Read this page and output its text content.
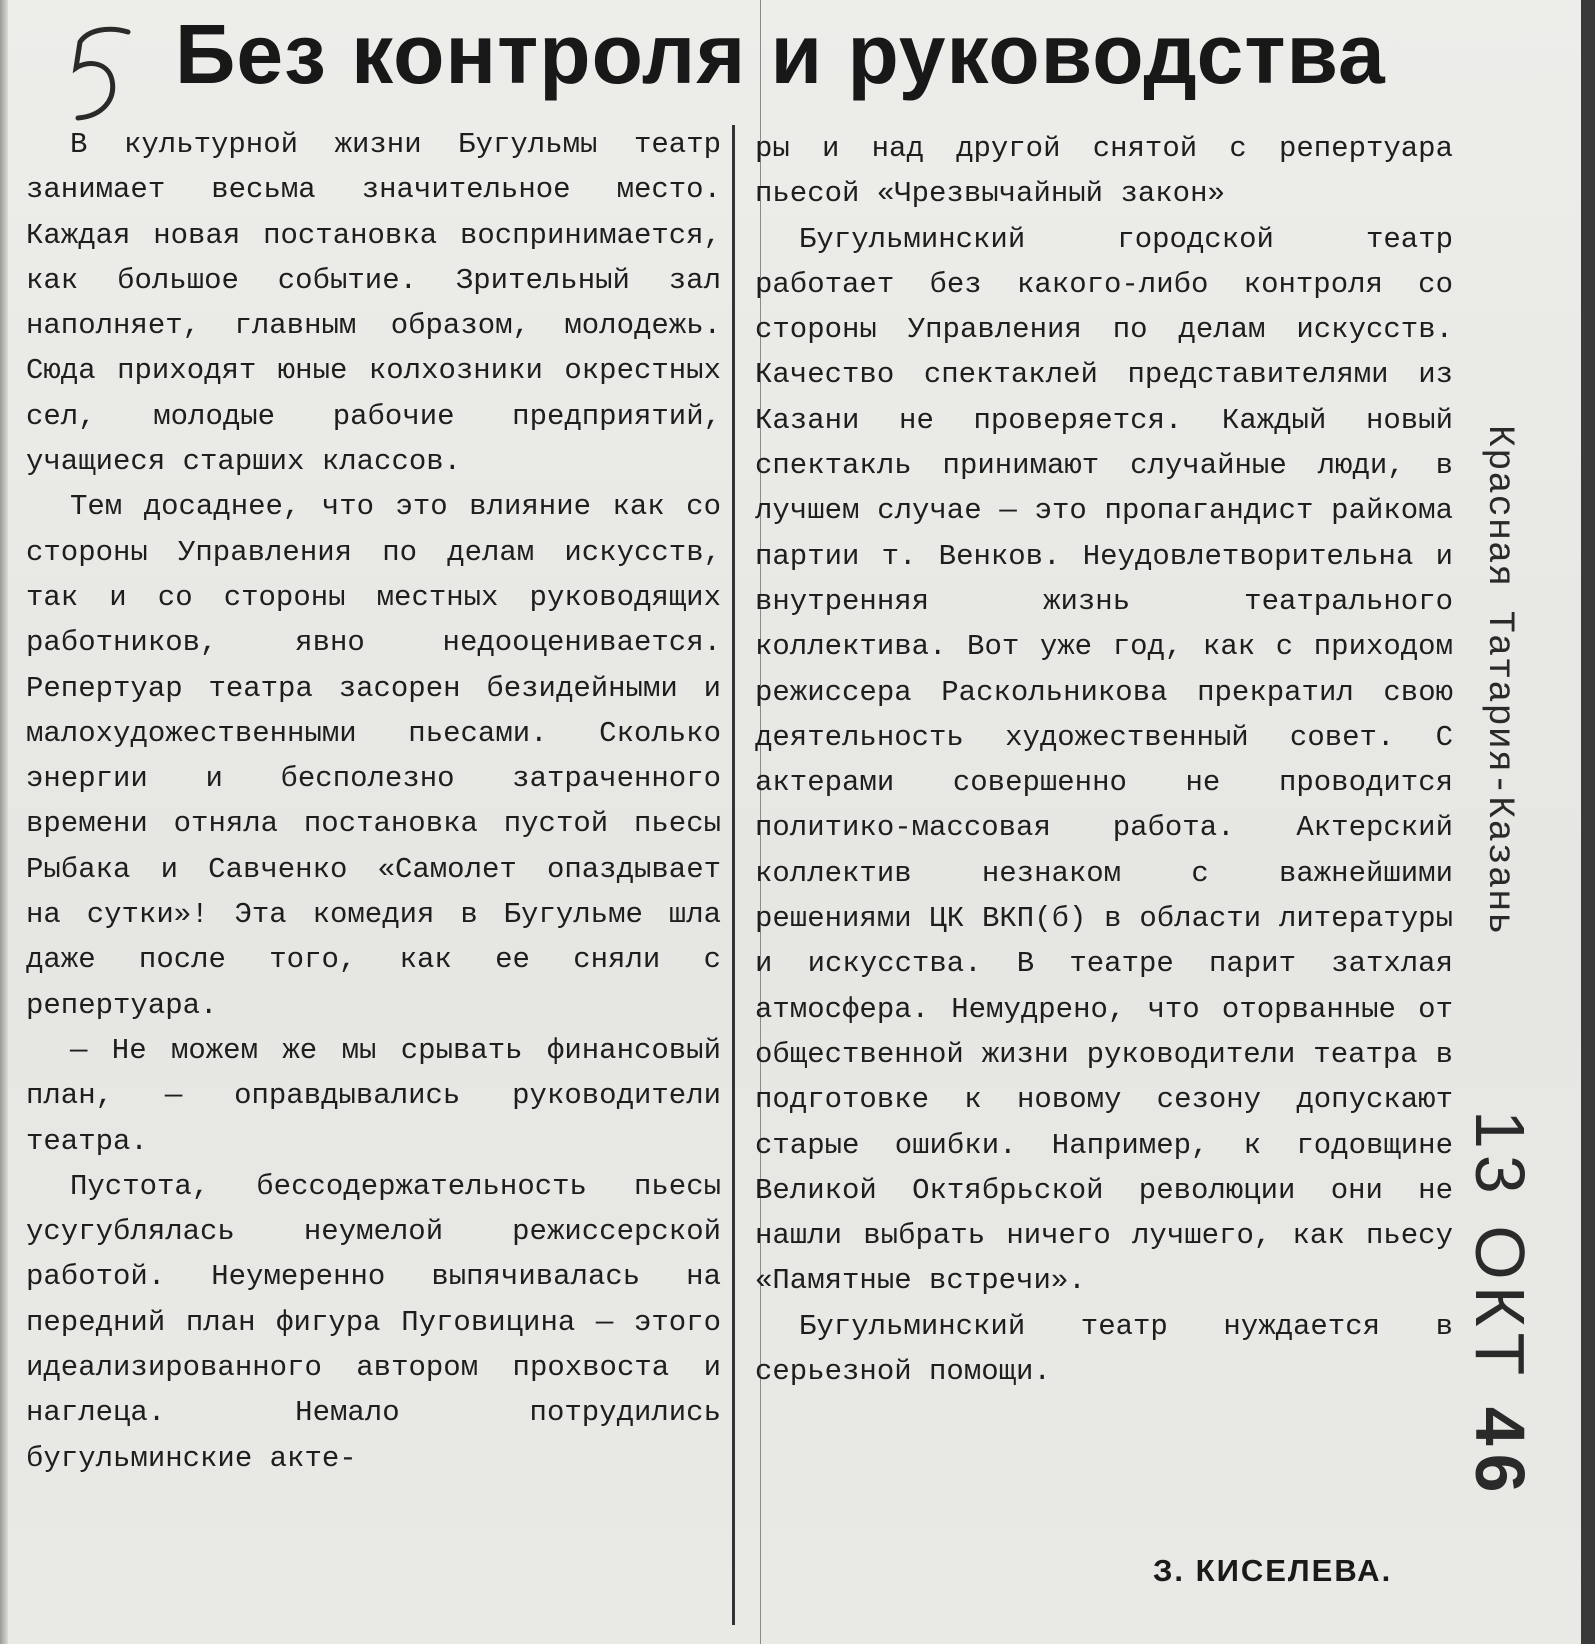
Без контроля и руководства

В культурной жизни Бугульмы театр занимает весьма значительное место. Каждая новая постановка воспринимается, как большое событие. Зрительный зал наполняет, главным образом, молодежь. Сюда приходят юные колхозники окрестных сел, молодые рабочие предприятий, учащиеся старших классов.

Тем досаднее, что это влияние как со стороны Управления по делам искусств, так и со стороны местных руководящих работников, явно недооценивается. Репертуар театра засорен безидейными и малохудожественными пьесами. Сколько энергии и бесполезно затраченного времени отняла постановка пустой пьесы Рыбака и Савченко «Самолет опаздывает на сутки»! Эта комедия в Бугульме шла даже после того, как ее сняли с репертуара.

— Не можем же мы срывать финансовый план, — оправдывались руководители театра.

Пустота, бессодержательность пьесы усугублялась неумелой режиссерской работой. Неумеренно выпячивалась на передний план фигура Пуговицина — этого идеализированного автором прохвоста и наглеца. Немало потрудились бугульминские акте-

ры и над другой снятой с репертуара пьесой «Чрезвычайный закон»

Бугульминский городской театр работает без какого-либо контроля со стороны Управления по делам искусств. Качество спектаклей представителями из Казани не проверяется. Каждый новый спектакль принимают случайные люди, в лучшем случае — это пропагандист райкома партии т. Венков. Неудовлетворительна и внутренняя жизнь театрального коллектива. Вот уже год, как с приходом режиссера Раскольникова прекратил свою деятельность художественный совет. С актерами совершенно не проводится политико-массовая работа. Актерский коллектив незнаком с важнейшими решениями ЦК ВКП(б) в области литературы и искусства. В театре парит затхлая атмосфера. Немудрено, что оторванные от общественной жизни руководители театра в подготовке к новому сезону допускают старые ошибки. Например, к годовщине Великой Октябрьской революции они не нашли выбрать ничего лучшего, как пьесу «Памятные встречи».

Бугульминский театр нуждается в серьезной помощи.

З. КИСЕЛЕВА.
Красная Татария-Казань
13 ОКТ 46
